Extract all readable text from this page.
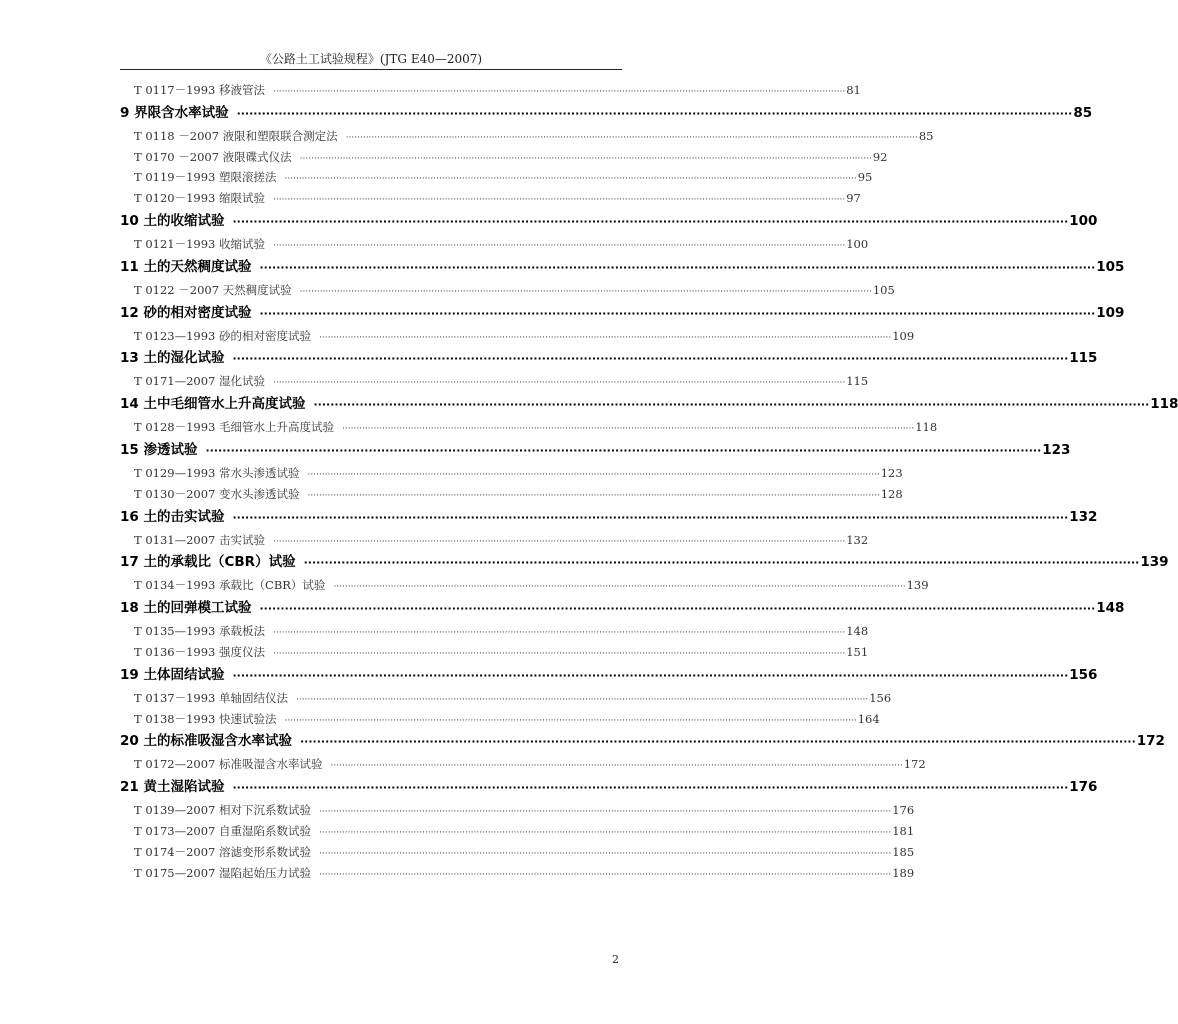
《公路土工试验规程》(JTG E40—2007)
T 0117－1993 移液管法 ········································································································································································································ 81
9 界限含水率试验 ········································································································································································································ 85
T 0118 －2007 液限和塑限联合测定法 ········································································································································································································ 85
T 0170 －2007 液限碟式仪法 ········································································································································································································ 92
T 0119－1993 塑限滚搓法 ········································································································································································································ 95
T 0120－1993 缩限试验 ········································································································································································································ 97
10 土的收缩试验 ········································································································································································································ 100
T 0121－1993 收缩试验 ········································································································································································································ 100
11 土的天然稠度试验 ········································································································································································································ 105
T 0122 －2007 天然稠度试验 ········································································································································································································ 105
12 砂的相对密度试验 ········································································································································································································ 109
T 0123—1993 砂的相对密度试验 ········································································································································································································ 109
13 土的湿化试验 ········································································································································································································ 115
T 0171—2007 湿化试验 ········································································································································································································ 115
14 土中毛细管水上升高度试验 ········································································································································································································ 118
T 0128－1993 毛细管水上升高度试验 ········································································································································································································ 118
15 渗透试验 ········································································································································································································ 123
T 0129—1993 常水头渗透试验 ········································································································································································································ 123
T 0130－2007 变水头渗透试验 ········································································································································································································ 128
16 土的击实试验 ········································································································································································································ 132
T 0131—2007 击实试验 ········································································································································································································ 132
17 土的承载比（CBR）试验 ········································································································································································································ 139
T 0134－1993 承载比（CBR）试验 ········································································································································································································ 139
18 土的回弹模工试验 ········································································································································································································ 148
T 0135—1993 承载板法 ········································································································································································································ 148
T 0136－1993 强度仪法 ········································································································································································································ 151
19 土体固结试验 ········································································································································································································ 156
T 0137－1993 单轴固结仪法 ········································································································································································································ 156
T 0138－1993 快速试验法 ········································································································································································································ 164
20 土的标准吸湿含水率试验 ········································································································································································································ 172
T 0172—2007 标准吸湿含水率试验 ········································································································································································································ 172
21 黄土湿陷试验 ········································································································································································································ 176
T 0139—2007 相对下沉系数试验 ········································································································································································································ 176
T 0173—2007 自重湿陷系数试验 ········································································································································································································ 181
T 0174－2007 溶滤变形系数试验 ········································································································································································································ 185
T 0175—2007 湿陷起始压力试验 ········································································································································································································ 189
2
